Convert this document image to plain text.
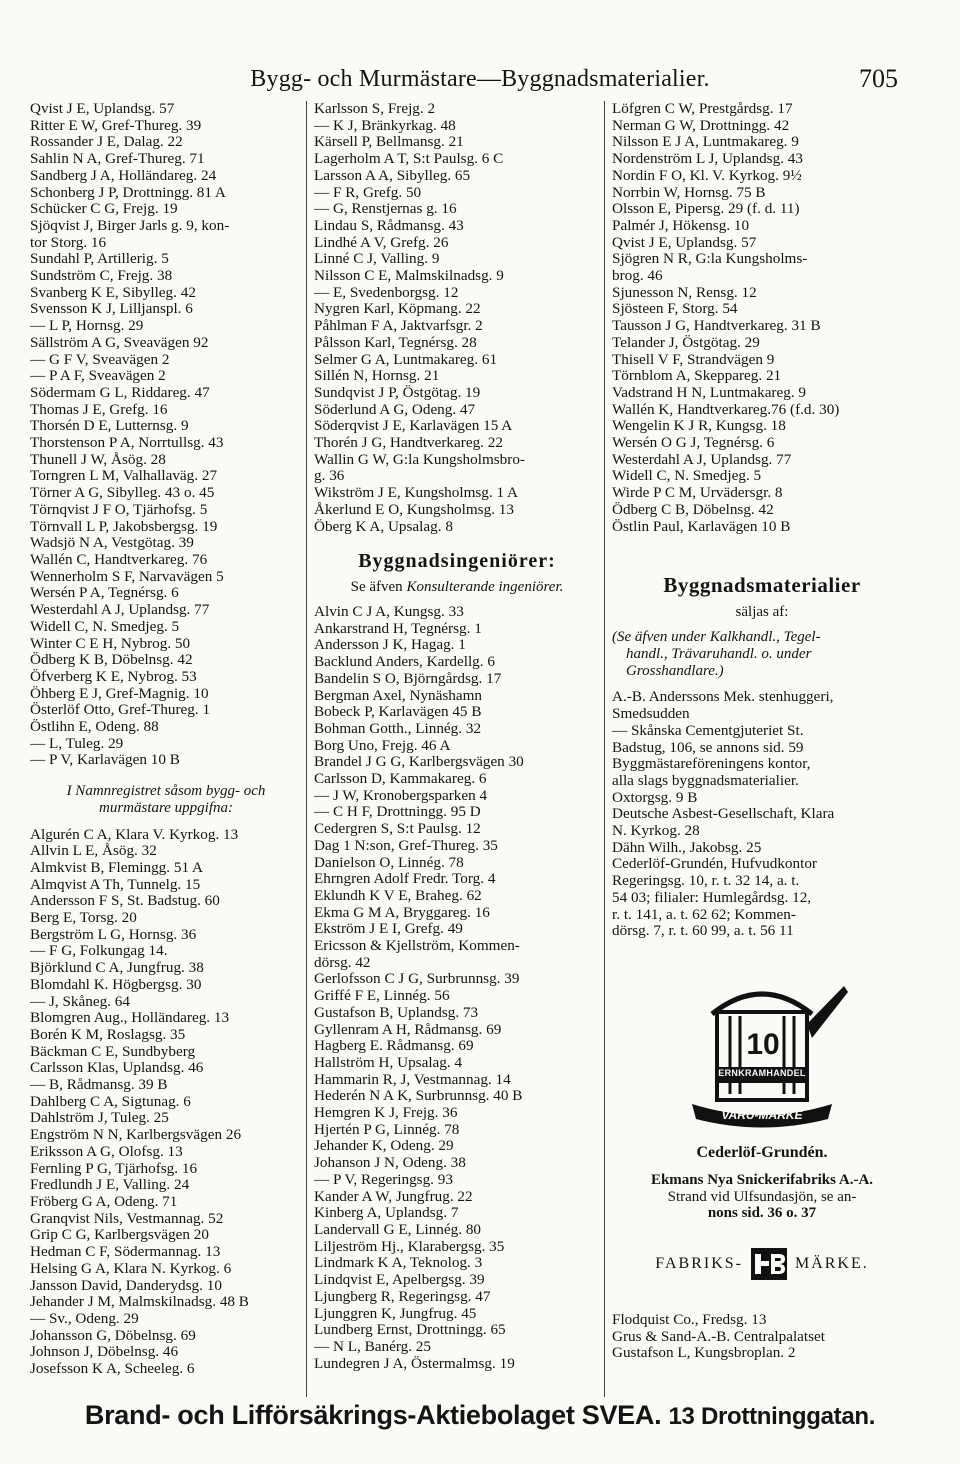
Bygg- och Murmästare—Byggnadsmaterialier.	705
Qvist J E, Uplandsg. 57
Ritter E W, Gref-Thureg. 39
Rossander J E, Dalag. 22
Sahlin N A, Gref-Thureg. 71
Sandberg J A, Holländareg. 24
Schonberg J P, Drottningg. 81 A
Schücker C G, Frejg. 19
Sjöqvist J, Birger Jarls g. 9, kon-
tor Storg. 16
Sundahl P, Artillerig. 5
Sundström C, Frejg. 38
Svanberg K E, Sibylleg. 42
Svensson K J, Lilljanspl. 6
— L P, Hornsg. 29
Sällström A G, Sveavägen 92
— G F V, Sveavägen 2
— P A F, Sveavägen 2
Södermam G L, Riddareg. 47
Thomas J E, Grefg. 16
Thorsén D E, Lutternsg. 9
Thorstenson P A, Norrtullsg. 43
Thunell J W, Åsög. 28
Torngren L M, Valhallaväg. 27
Törner A G, Sibylleg. 43 o. 45
Törnqvist J F O, Tjärhofsg. 5
Törnvall L P, Jakobsbergsg. 19
Wadsjö N A, Vestgötag. 39
Wallén C, Handtverkareg. 76
Wennerholm S F, Narvavägen 5
Wersén P A, Tegnérsg. 6
Westerdahl A J, Uplandsg. 77
Widell C, N. Smedjeg. 5
Winter C E H, Nybrog. 50
Ödberg K B, Döbelnsg. 42
Öfverberg K E, Nybrog. 53
Öhberg E J, Gref-Magnig. 10
Österlöf Otto, Gref-Thureg. 1
Östlihn E, Odeng. 88
— L, Tuleg. 29
— P V, Karlavägen 10 B
I Namnregistret såsom bygg- och
murmästare uppgifna:
Algurén C A, Klara V. Kyrkog. 13
Allvin L E, Åsög. 32
Almkvist B, Flemingg. 51 A
Almqvist A Th, Tunnelg. 15
Andersson F S, St. Badstug. 60
Berg E, Torsg. 20
Bergström L G, Hornsg. 36
— F G, Folkungag 14.
Björklund C A, Jungfrug. 38
Blomdahl K. Högbergsg. 30
— J, Skåneg. 64
Blomgren Aug., Holländareg. 13
Borén K M, Roslagsg. 35
Bäckman C E, Sundbyberg
Carlsson Klas, Uplandsg. 46
— B, Rådmansg. 39 B
Dahlberg C A, Sigtunag. 6
Dahlström J, Tuleg. 25
Engström N N, Karlbergsvägen 26
Eriksson A G, Olofsg. 13
Fernling P G, Tjärhofsg. 16
Fredlundh J E, Valling. 24
Fröberg G A, Odeng. 71
Granqvist Nils, Vestmannag. 52
Grip C G, Karlbergsvägen 20
Hedman C F, Södermannag. 13
Helsing G A, Klara N. Kyrkog. 6
Jansson David, Danderydsg. 10
Jehander J M, Malmskilnadsg. 48 B
— Sv., Odeng. 29
Johansson G, Döbelnsg. 69
Johnson J, Döbelnsg. 46
Josefsson K A, Scheeleg. 6
Karlsson S, Frejg. 2
— K J, Bränkyrkag. 48
Kärsell P, Bellmansg. 21
Lagerholm A T, S:t Paulsg. 6 C
Larsson A A, Sibylleg. 65
— F R, Grefg. 50
— G, Renstjernas g. 16
Lindau S, Rådmansg. 43
Lindhé A V, Grefg. 26
Linné C J, Valling. 9
Nilsson C E, Malmskilnadsg. 9
— E, Svedenborgsg. 12
Nygren Karl, Köpmang. 22
Påhlman F A, Jaktvarfsgr. 2
Pålsson Karl, Tegnérsg. 28
Selmer G A, Luntmakareg. 61
Sillén N, Hornsg. 21
Sundqvist J P, Östgötag. 19
Söderlund A G, Odeng. 47
Söderqvist J E, Karlavägen 15 A
Thorén J G, Handtverkareg. 22
Wallin G W, G:la Kungsholmsbro-
g. 36
Wikström J E, Kungsholmsg. 1 A
Åkerlund E O, Kungsholmsg. 13
Öberg K A, Upsalag. 8
Byggnadsingeniörer:
Se äfven Konsulterande ingeniörer.
Alvin C J A, Kungsg. 33
Ankarstrand H, Tegnérsg. 1
Andersson J K, Hagag. 1
Backlund Anders, Kardellg. 6
Bandelin S O, Björngårdsg. 17
Bergman Axel, Nynäshamn
Bobeck P, Karlavägen 45 B
Bohman Gotth., Linnég. 32
Borg Uno, Frejg. 46 A
Brandel J G G, Karlbergsvägen 30
Carlsson D, Kammakareg. 6
— J W, Kronobergsparken 4
— C H F, Drottningg. 95 D
Cedergren S, S:t Paulsg. 12
Dag 1 N:son, Gref-Thureg. 35
Danielson O, Linnég. 78
Ehrngren Adolf Fredr. Torg. 4
Eklundh K V E, Braheg. 62
Ekma G M A, Bryggareg. 16
Ekström J E I, Grefg. 49
Ericsson & Kjellström, Kommen-
dörsg. 42
Gerlofsson C J G, Surbrunnsg. 39
Griffé F E, Linnég. 56
Gustafson B, Uplandsg. 73
Gyllenram A H, Rådmansg. 69
Hagberg E. Rådmansg. 69
Hallström H, Upsalag. 4
Hammarin R, J, Vestmannag. 14
Hederén N A K, Surbrunnsg. 40 B
Hemgren K J, Frejg. 36
Hjertén P G, Linnég. 78
Jehander K, Odeng. 29
Johanson J N, Odeng. 38
— P V, Regeringsg. 93
Kander A W, Jungfrug. 22
Kinberg A, Uplandsg. 7
Landervall G E, Linnég. 80
Liljeström Hj., Klarabergsg. 35
Lindmark K A, Teknolog. 3
Lindqvist E, Apelbergsg. 39
Ljungberg R, Regeringsg. 47
Ljunggren K, Jungfrug. 45
Lundberg Ernst, Drottningg. 65
— N L, Banérg. 25
Lundegren J A, Östermalmsg. 19
Löfgren C W, Prestgårdsg. 17
Nerman G W, Drottningg. 42
Nilsson E J A, Luntmakareg. 9
Nordenström L J, Uplandsg. 43
Nordin F O, Kl. V. Kyrkog. 9½
Norrbin W, Hornsg. 75 B
Olsson E, Pipersg. 29 (f. d. 11)
Palmér J, Hökensg. 10
Qvist J E, Uplandsg. 57
Sjögren N R, G:la Kungsholms-
brog. 46
Sjunesson N, Rensg. 12
Sjösteen F, Storg. 54
Tausson J G, Handtverkareg. 31 B
Telander J, Östgötag. 29
Thisell V F, Strandvägen 9
Törnblom A, Skeppareg. 21
Vadstrand H N, Luntmakareg. 9
Wallén K, Handtverkareg.76 (f.d. 30)
Wengelin K J R, Kungsg. 18
Wersén O G J, Tegnérsg. 6
Westerdahl A J, Uplandsg. 77
Widell C, N. Smedjeg. 5
Wirde P C M, Urvädersgr. 8
Ödberg C B, Döbelnsg. 42
Östlin Paul, Karlavägen 10 B
Byggnadsmaterialier
säljas af:
(Se äfven under Kalkhandl., Tegel-
handl., Trävaruhandl. o. under
Grosshandlare.)
A.-B. Anderssons Mek. stenhuggeri,
Smedsudden
— Skånska Cementgjuteriet St.
Badstug, 106, se annons sid. 59
Byggmästareföreningens kontor,
alla slags byggnadsmaterialier.
Oxtorgsg. 9 B
Deutsche Asbest-Gesellschaft, Klara
N. Kyrkog. 28
Dähn Wilh., Jakobsg. 25
Cederlöf-Grundén, Hufvudkontor
Regeringsg. 10, r. t. 32 14, a. t.
54 03; filialer: Humlegårdsg. 12,
r. t. 141, a. t. 62 62; Kommen-
dörsg. 7, r. t. 60 99, a. t. 56 11
10
ERNKRAMHANDEL
VARU-MÄRKE
Cederlöf-Grundén.
Ekmans Nya Snickerifabriks A.-A.
Strand vid Ulfsundasjön, se an-
nons sid. 36 o. 37
FABRIKS-	MÄRKE.
Flodquist Co., Fredsg. 13
Grus & Sand-A.-B. Centralpalatset
Gustafson L, Kungsbroplan. 2
Brand- och Lifförsäkrings-Aktiebolaget SVEA. 13 Drottninggatan.
